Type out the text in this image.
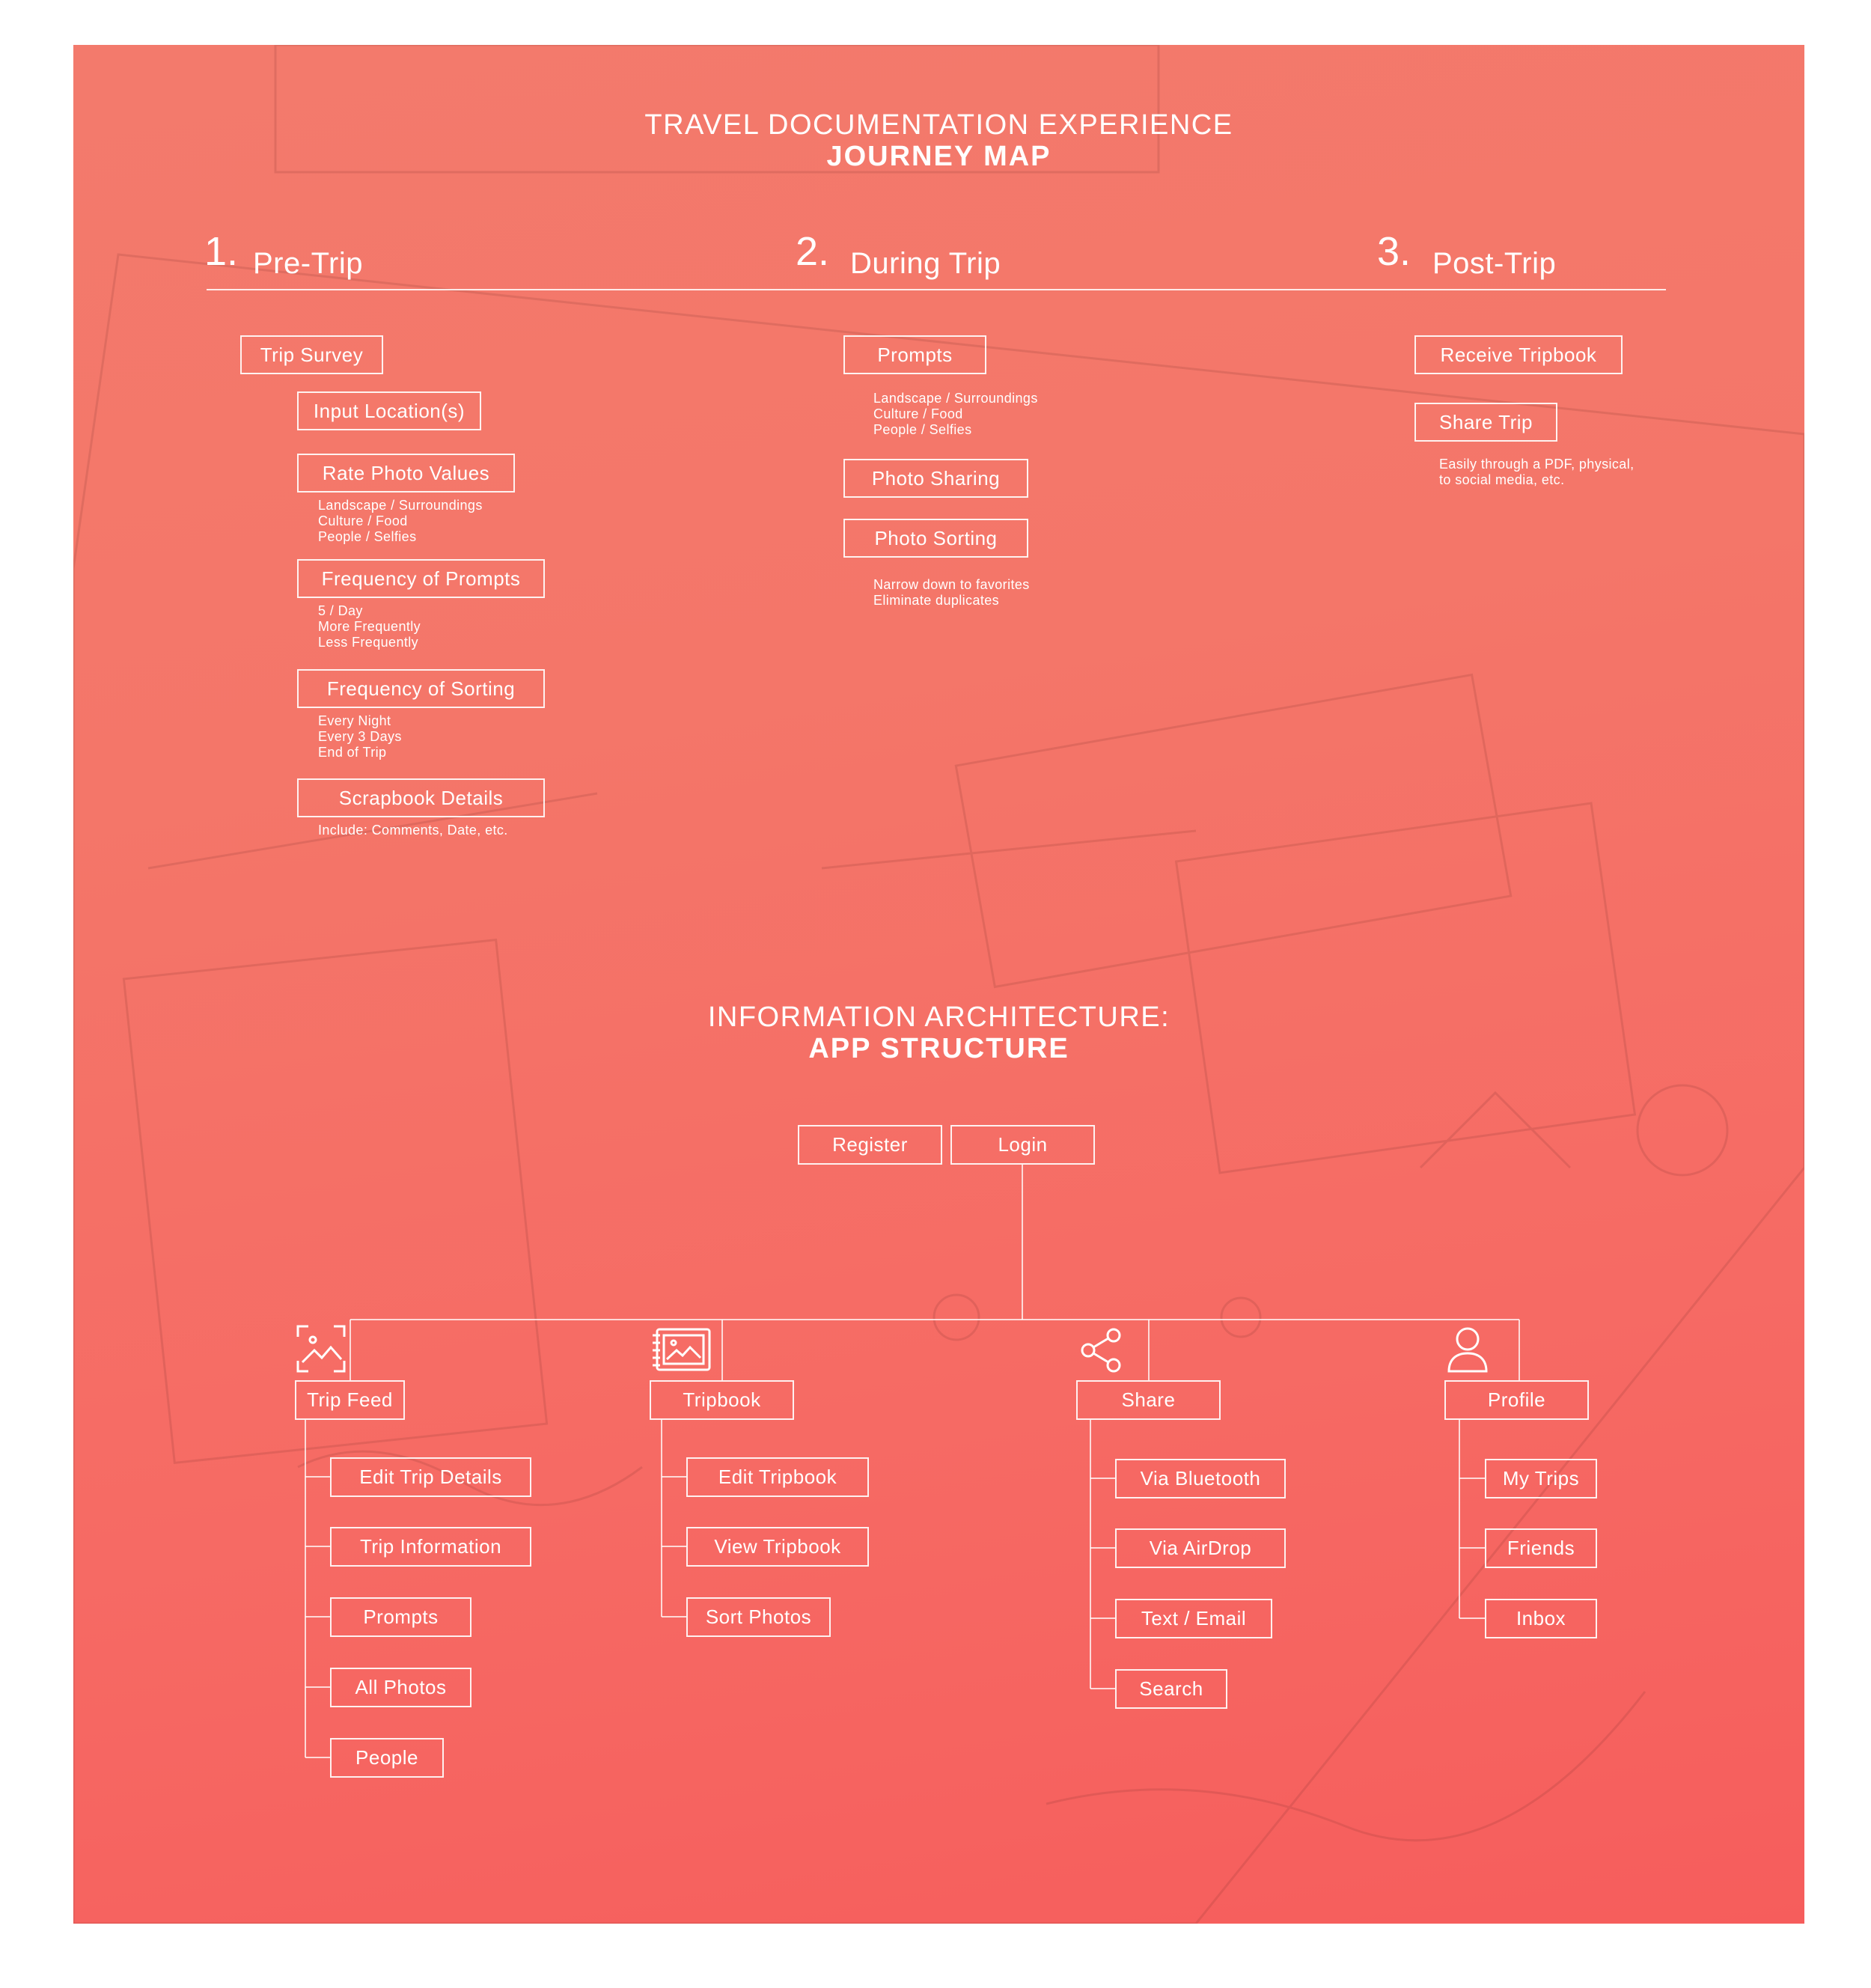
TRAVEL DOCUMENTATION EXPERIENCE
JOURNEY MAP
1. Pre-Trip	2. During Trip	3. Post-Trip
Trip Survey
Input Location(s)
Rate Photo Values
Landscape / Surroundings
Culture / Food
People / Selfies
Frequency of Prompts
5 / Day
More Frequently
Less Frequently
Frequency of Sorting
Every Night
Every 3 Days
End of Trip
Scrapbook Details
Include: Comments, Date, etc.
Prompts
Landscape / Surroundings
Culture / Food
People / Selfies
Photo Sharing
Photo Sorting
Narrow down to favorites
Eliminate duplicates
Receive Tripbook
Share Trip
Easily through a PDF, physical,
to social media, etc.
INFORMATION ARCHITECTURE:
APP STRUCTURE
Register	Login
Trip Feed	Tripbook	Share	Profile
Edit Trip Details
Trip Information
Prompts
All Photos
People
Edit Tripbook
View Tripbook
Sort Photos
Via Bluetooth
Via AirDrop
Text / Email
Search
My Trips
Friends
Inbox
